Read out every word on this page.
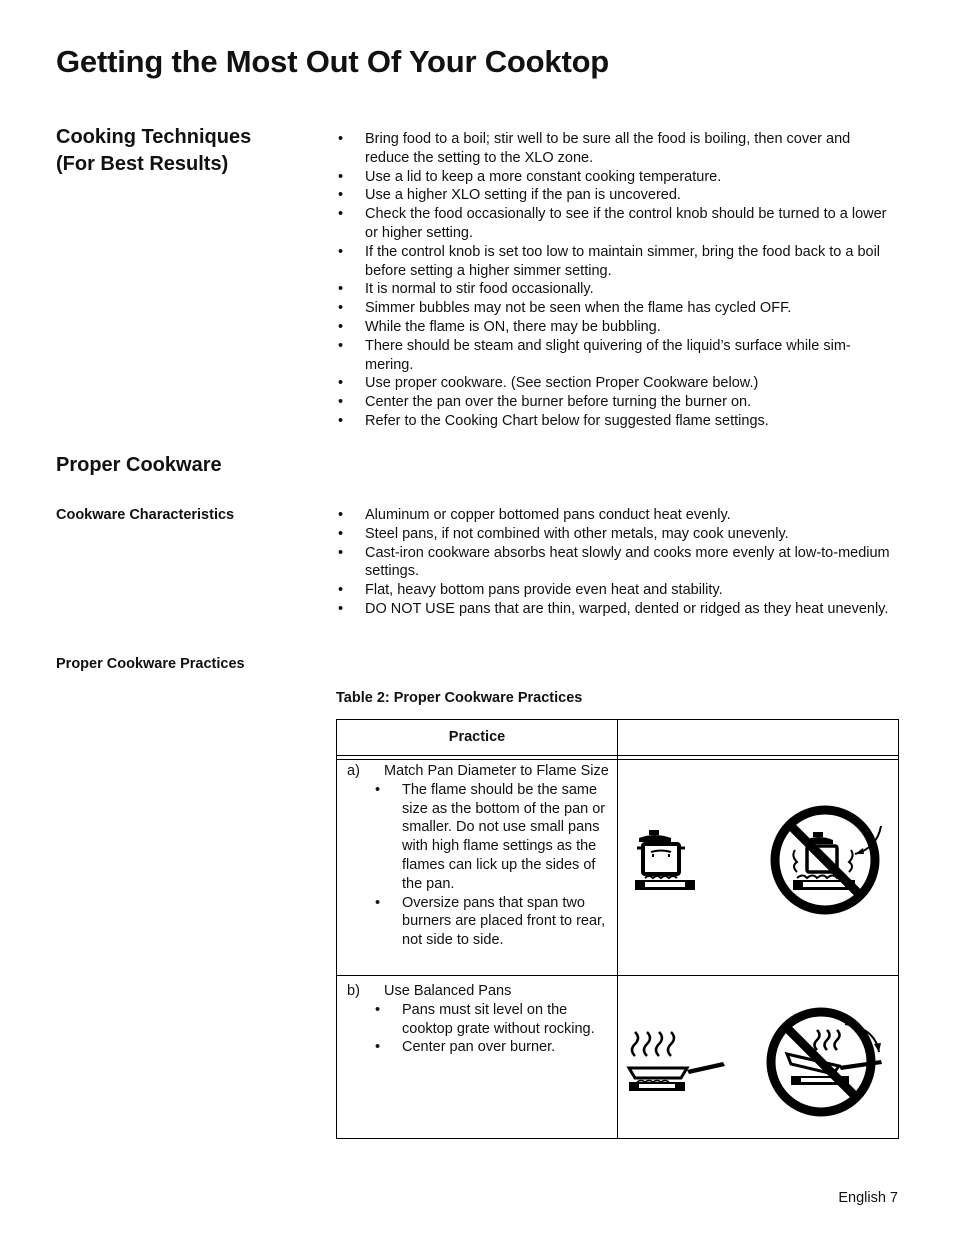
Getting the Most Out Of Your Cooktop
Cooking Techniques
(For Best Results)
• Bring food to a boil; stir well to be sure all the food is boiling, then cover and reduce the setting to the XLO zone.
• Use a lid to keep a more constant cooking temperature.
• Use a higher XLO setting if the pan is uncovered.
• Check the food occasionally to see if the control knob should be turned to a lower or higher setting.
• If the control knob is set too low to maintain simmer, bring the food back to a boil before setting a higher simmer setting.
• It is normal to stir food occasionally.
• Simmer bubbles may not be seen when the flame has cycled OFF.
• While the flame is ON, there may be bubbling.
• There should be steam and slight quivering of the liquid’s surface while sim-mering.
• Use proper cookware. (See section Proper Cookware below.)
• Center the pan over the burner before turning the burner on.
• Refer to the Cooking Chart below for suggested flame settings.
Proper Cookware
Cookware Characteristics
•	Aluminum or copper bottomed pans conduct heat evenly.
• Steel pans, if not combined with other metals, may cook unevenly.
• Cast-iron cookware absorbs heat slowly and cooks more evenly at low-to-medium settings.
• Flat, heavy bottom pans provide even heat and stability.
• DO NOT USE pans that are thin, warped, dented or ridged as they heat unevenly.
Proper Cookware Practices
Table 2: Proper Cookware Practices
Practice
a) Match Pan Diameter to Flame Size
• The flame should be the same size as the bottom of the pan or smaller. Do not use small pans with high flame settings as the flames can lick up the sides of the pan.
• Oversize pans that span two burners are placed front to rear, not side to side.
b) Use Balanced Pans
• Pans must sit level on the cooktop grate without rocking.
• Center pan over burner.
English 7
